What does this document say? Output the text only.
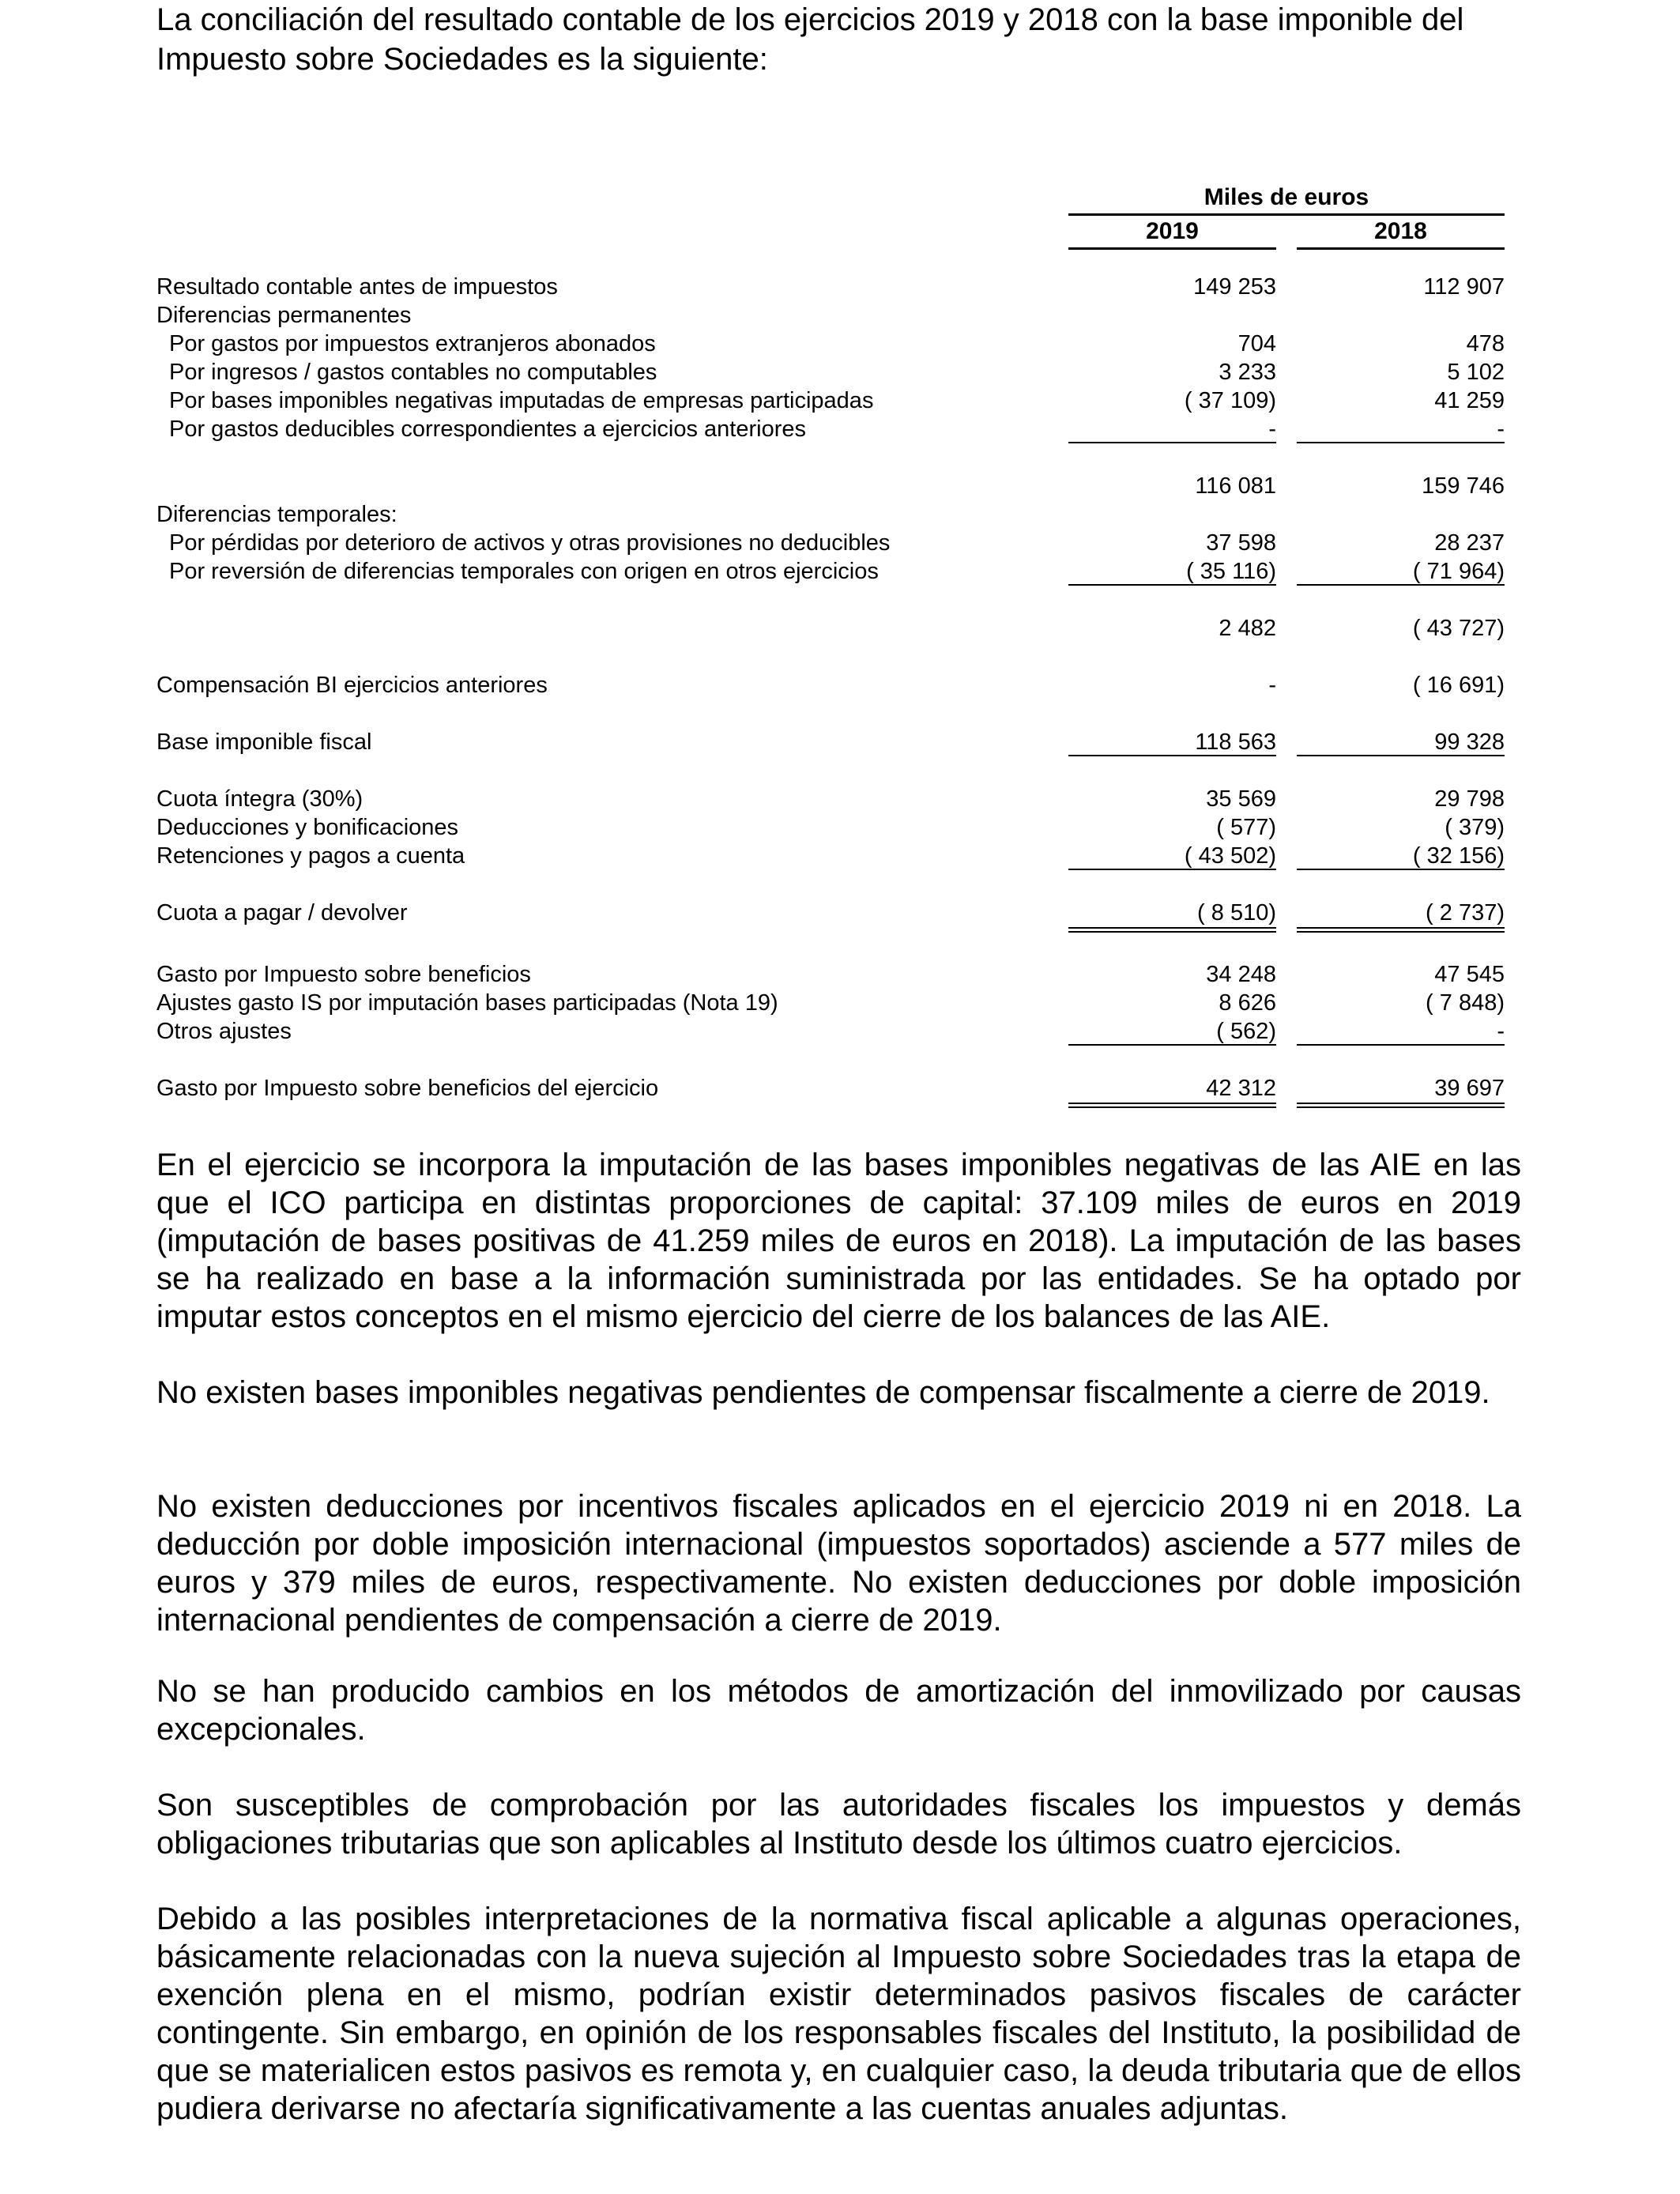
La conciliación del resultado contable de los ejercicios 2019 y 2018 con la base imponible del Impuesto sobre Sociedades es la siguiente:

Miles de euros
2019	2018
Resultado contable antes de impuestos	149 253	112 907
Diferencias permanentes
Por gastos por impuestos extranjeros abonados	704	478
Por ingresos / gastos contables no computables	3 233	5 102
Por bases imponibles negativas imputadas de empresas participadas	( 37 109)	41 259
Por gastos deducibles correspondientes a ejercicios anteriores	-	-
116 081	159 746
Diferencias temporales:
Por pérdidas por deterioro de activos y otras provisiones no deducibles	37 598	28 237
Por reversión de diferencias temporales con origen en otros ejercicios	( 35 116)	( 71 964)
2 482	( 43 727)
Compensación BI ejercicios anteriores	-	( 16 691)
Base imponible fiscal	118 563	99 328
Cuota íntegra (30%)	35 569	29 798
Deducciones y bonificaciones	( 577)	( 379)
Retenciones y pagos a cuenta	( 43 502)	( 32 156)
Cuota a pagar / devolver	( 8 510)	( 2 737)
Gasto por Impuesto sobre beneficios	34 248	47 545
Ajustes gasto IS por imputación bases participadas (Nota 19)	8 626	( 7 848)
Otros ajustes	( 562)	-
Gasto por Impuesto sobre beneficios del ejercicio	42 312	39 697

En el ejercicio se incorpora la imputación de las bases imponibles negativas de las AIE en las que el ICO participa en distintas proporciones de capital: 37.109 miles de euros en 2019 (imputación de bases positivas de 41.259 miles de euros en 2018). La imputación de las bases se ha realizado en base a la información suministrada por las entidades. Se ha optado por imputar estos conceptos en el mismo ejercicio del cierre de los balances de las AIE.

No existen bases imponibles negativas pendientes de compensar fiscalmente a cierre de 2019.

No existen deducciones por incentivos fiscales aplicados en el ejercicio 2019 ni en 2018. La deducción por doble imposición internacional (impuestos soportados) asciende a 577 miles de euros y 379 miles de euros, respectivamente. No existen deducciones por doble imposición internacional pendientes de compensación a cierre de 2019.

No se han producido cambios en los métodos de amortización del inmovilizado por causas excepcionales.

Son susceptibles de comprobación por las autoridades fiscales los impuestos y demás obligaciones tributarias que son aplicables al Instituto desde los últimos cuatro ejercicios.

Debido a las posibles interpretaciones de la normativa fiscal aplicable a algunas operaciones, básicamente relacionadas con la nueva sujeción al Impuesto sobre Sociedades tras la etapa de exención plena en el mismo, podrían existir determinados pasivos fiscales de carácter contingente. Sin embargo, en opinión de los responsables fiscales del Instituto, la posibilidad de que se materialicen estos pasivos es remota y, en cualquier caso, la deuda tributaria que de ellos pudiera derivarse no afectaría significativamente a las cuentas anuales adjuntas.
